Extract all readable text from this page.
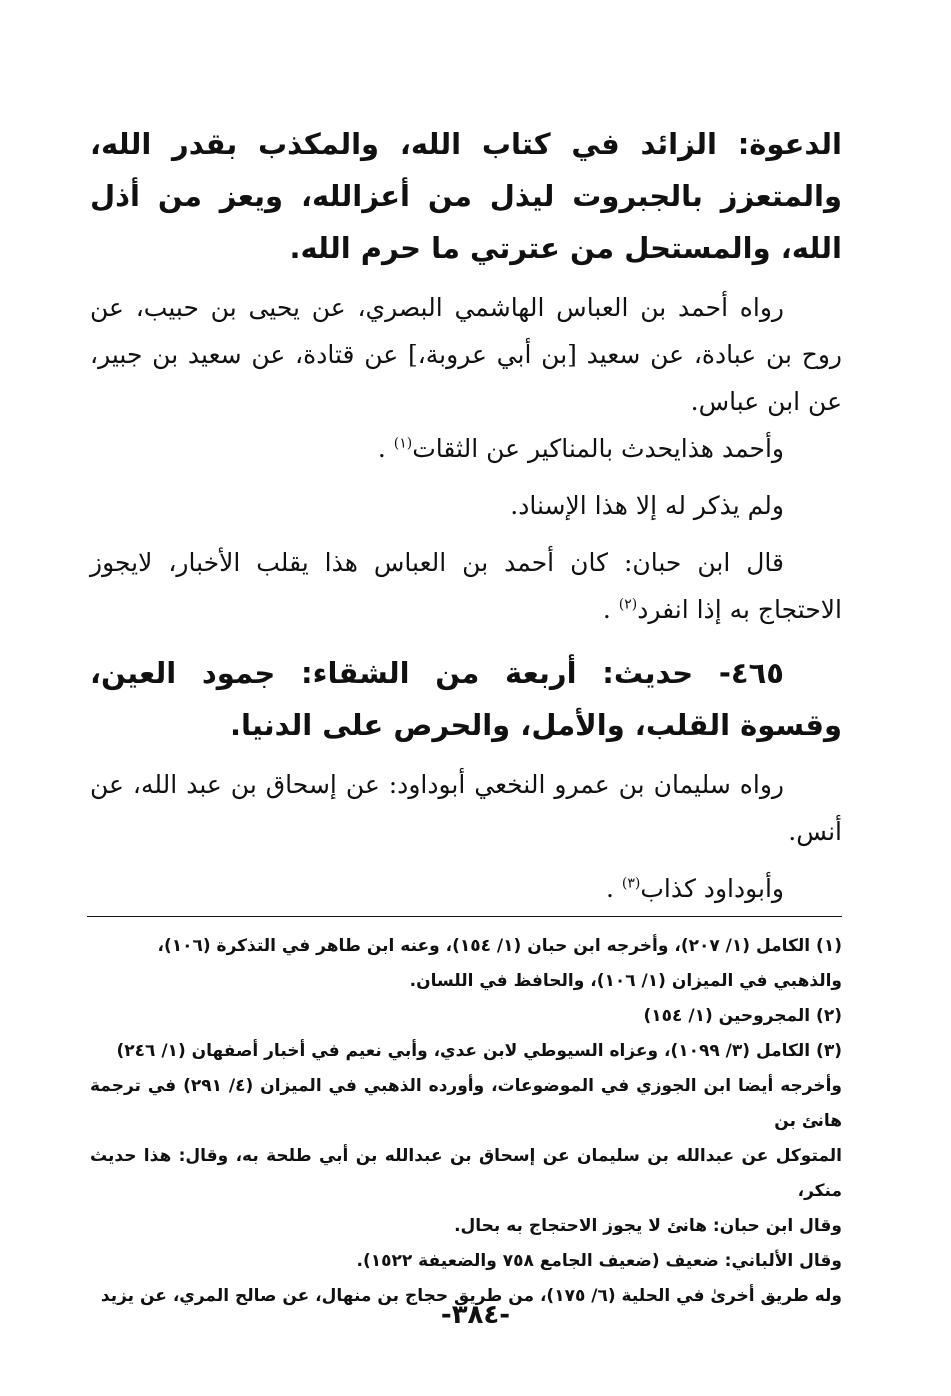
الدعوة: الزائد في كتاب الله، والمكذب بقدر الله، والمتعزز بالجبروت ليذل من أعزالله، ويعز من أذل الله، والمستحل من عترتي ما حرم الله.

رواه أحمد بن العباس الهاشمي البصري، عن يحيى بن حبيب، عن روح بن عبادة، عن سعيد [بن أبي عروبة،] عن قتادة، عن سعيد بن جبير، عن ابن عباس.

وأحمد هذايحدث بالمناكير عن الثقات$^{(١)}$ .

ولم يذكر له إلا هذا الإسناد.

قال ابن حبان: كان أحمد بن العباس هذا يقلب الأخبار، لايجوز الاحتجاج به إذا انفرد$^{(٢)}$ .

٤٦٥- حديث: أربعة من الشقاء: جمود العين، وقسوة القلب، والأمل، والحرص على الدنيا.

رواه سليمان بن عمرو النخعي أبوداود: عن إسحاق بن عبد الله، عن أنس.

وأبوداود كذاب$^{(٣)}$ .

(١) الكامل (١/ ٢٠٧)، وأخرجه ابن حبان (١/ ١٥٤)، وعنه ابن طاهر في التذكرة (١٠٦)،

والذهبي في الميزان (١/ ١٠٦)، والحافظ في اللسان.

(٢) المجروحين (١/ ١٥٤)

(٣) الكامل (٣/ ١٠٩٩)، وعزاه السيوطي لابن عدي، وأبي نعيم في أخبار أصفهان (١/ ٢٤٦)

وأخرجه أيضا ابن الجوزي في الموضوعات، وأورده الذهبي في الميزان (٤/ ٢٩١) في ترجمة هانئ بن

المتوكل عن عبدالله بن سليمان عن إسحاق بن عبدالله بن أبي طلحة به، وقال: هذا حديث منكر،

وقال ابن حبان: هانئ لا يجوز الاحتجاج به بحال.

وقال الألباني: ضعيف (ضعيف الجامع ٧٥٨ والضعيفة ١٥٢٢).

وله طريق أخرىٰ في الحلية (٦/ ١٧٥)، من طريق حجاج بن منهال، عن صالح المري، عن يزيد

-٣٨٤-
